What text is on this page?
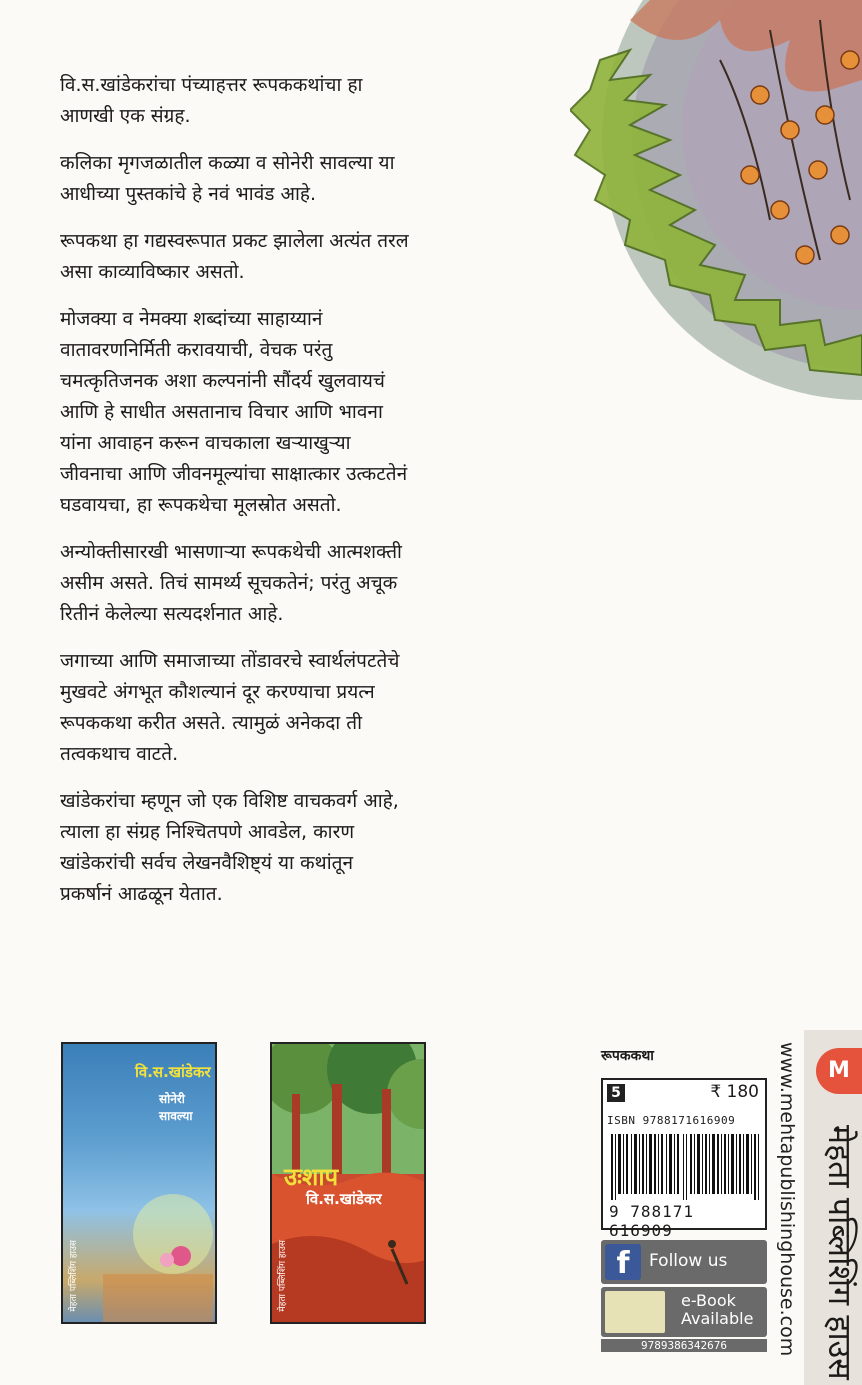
वि.स.खांडेकरांचा पंच्याहत्तर रूपककथांचा हा आणखी एक संग्रह.

कलिका मृगजळातील कळ्या व सोनेरी सावल्या या आधीच्या पुस्तकांचे हे नवं भावंड आहे.

रूपकथा हा गद्यस्वरूपात प्रकट झालेला अत्यंत तरल असा काव्याविष्कार असतो.

मोजक्या व नेमक्या शब्दांच्या साहाय्यानं वातावरणनिर्मिती करावयाची, वेचक परंतु चमत्कृतिजनक अशा कल्पनांनी सौंदर्य खुलवायचं आणि हे साधीत असतानाच विचार आणि भावना यांना आवाहन करून वाचकाला खऱ्याखुऱ्या जीवनाचा आणि जीवनमूल्यांचा साक्षात्कार उत्कटतेनं घडवायचा, हा रूपकथेचा मूलस्रोत असतो.

अन्योक्तीसारखी भासणाऱ्या रूपकथेची आत्मशक्ती असीम असते. तिचं सामर्थ्य सूचकतेनं; परंतु अचूक रितीनं केलेल्या सत्यदर्शनात आहे.

जगाच्या आणि समाजाच्या तोंडावरचे स्वार्थलंपटतेचे मुखवटे अंगभूत कौशल्यानं दूर करण्याचा प्रयत्न रूपककथा करीत असते. त्यामुळं अनेकदा ती तत्वकथाच वाटते.

खांडेकरांचा म्हणून जो एक विशिष्ट वाचकवर्ग आहे, त्याला हा संग्रह निश्चितपणे आवडेल, कारण खांडेकरांची सर्वच लेखनवैशिष्ट्यं या कथांतून प्रकर्षानं आढळून येतात.

वि.स.खांडेकर
सोनेरी सावल्या
मेहता पब्लिशिंग हाउस
उःशाप
वि.स.खांडेकर
मेहता पब्लिशिंग हाउस
रूपककथा
5	₹ 180
ISBN 9788171616909
9 788171 616909
f	Follow us
e-Book
Available
9789386342676	www.mehtapublishinghouse.com	M
मेहता पब्लिशिंग हाउस
